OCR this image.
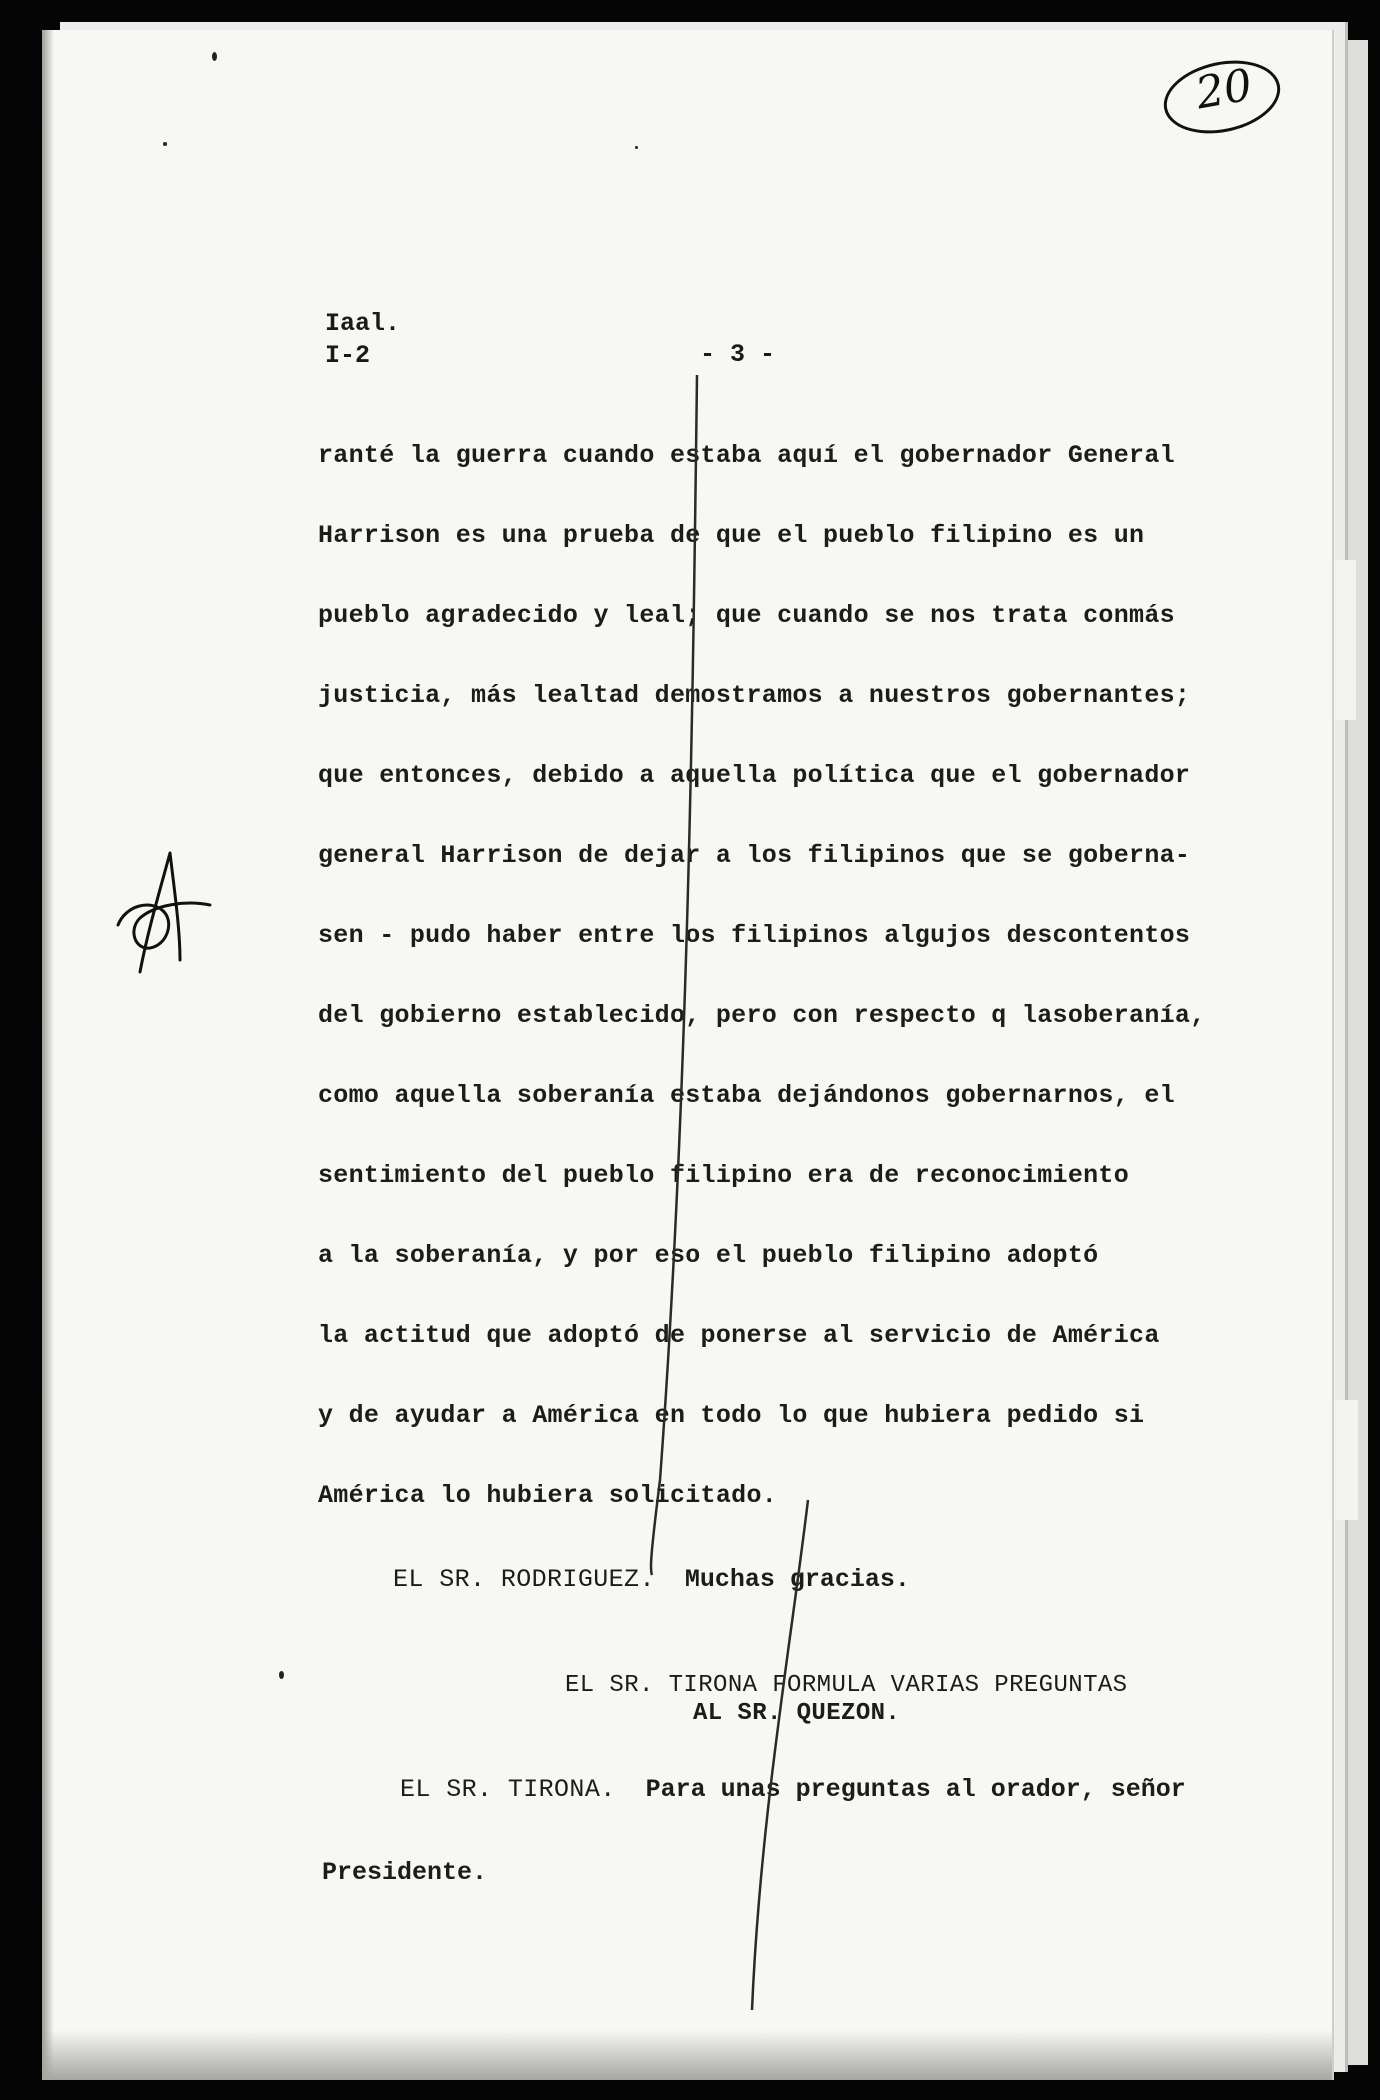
20
Iaal.
I-2	- 3 -
ranté la guerra cuando estaba aquí el gobernador General
Harrison es una prueba de que el pueblo filipino es un
pueblo agradecido y leal; que cuando se nos trata conmás
justicia, más lealtad demostramos a nuestros gobernantes;
que entonces, debido a aquella política que el gobernador
general Harrison de dejar a los filipinos que se goberna-
sen - pudo haber entre los filipinos algujos descontentos
del gobierno establecido, pero con respecto q lasoberanía,
como aquella soberanía estaba dejándonos gobernarnos, el
sentimiento del pueblo filipino era de reconocimiento
a la soberanía, y por eso el pueblo filipino adoptó
la actitud que adoptó de ponerse al servicio de América
y de ayudar a América en todo lo que hubiera pedido si
América lo hubiera solicitado.
EL SR. RODRIGUEZ. Muchas gracias.
EL SR. TIRONA FORMULA VARIAS PREGUNTAS
AL SR. QUEZON.
EL SR. TIRONA. Para unas preguntas al orador, señor
Presidente.
